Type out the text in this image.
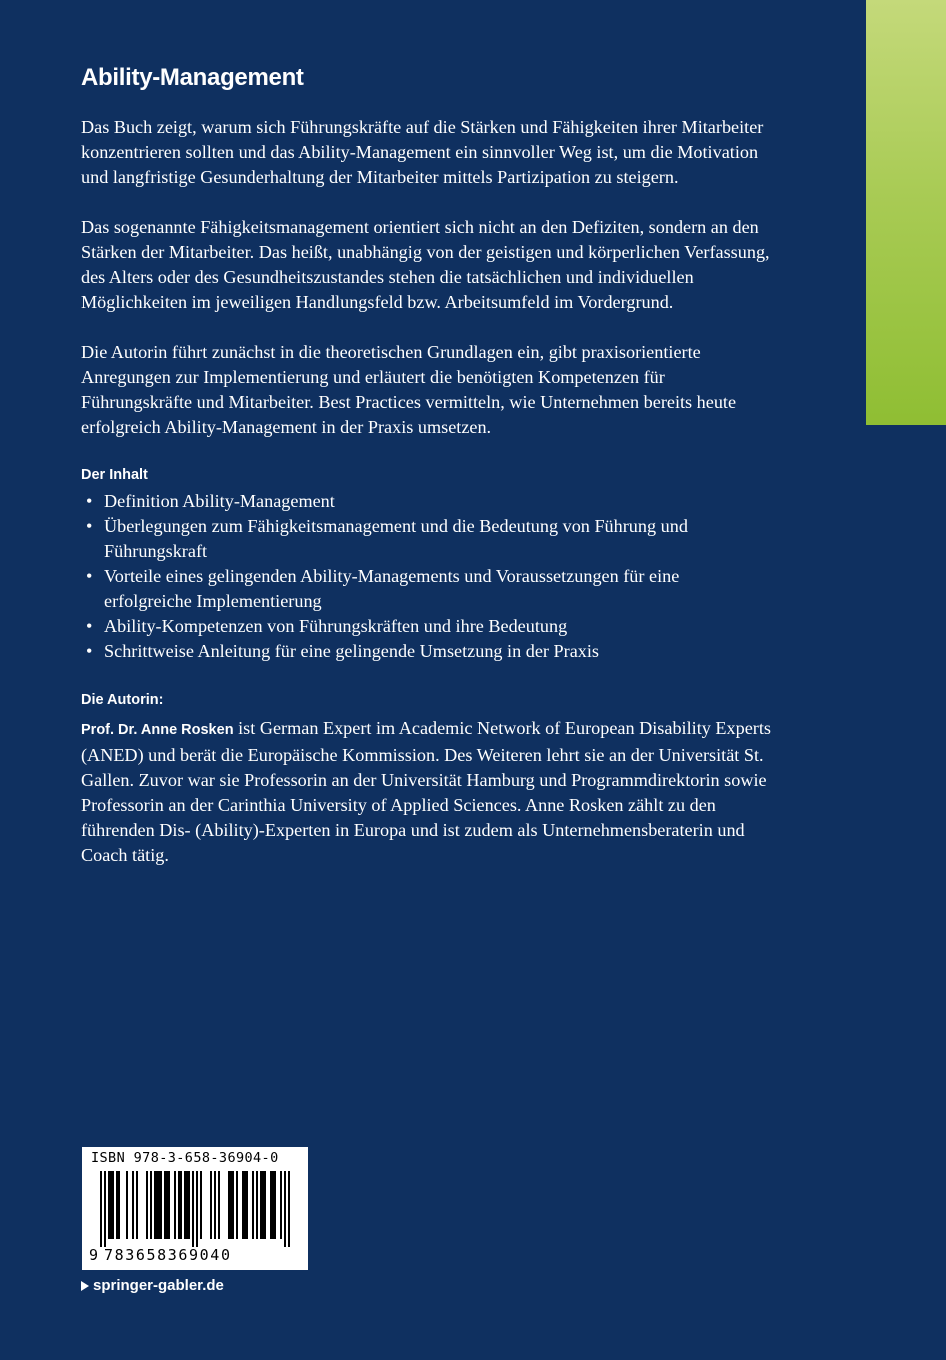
Ability-Management

Das Buch zeigt, warum sich Führungskräfte auf die Stärken und Fähigkeiten ihrer Mitarbeiter konzentrieren sollten und das Ability-Management ein sinnvoller Weg ist, um die Motivation und langfristige Gesunderhaltung der Mitarbeiter mittels Partizipation zu steigern.

Das sogenannte Fähigkeitsmanagement orientiert sich nicht an den Defiziten, sondern an den Stärken der Mitarbeiter. Das heißt, unabhängig von der geistigen und körperlichen Verfassung, des Alters oder des Gesundheitszustandes stehen die tatsächlichen und individuellen Möglichkeiten im jeweiligen Handlungsfeld bzw. Arbeitsumfeld im Vordergrund.

Die Autorin führt zunächst in die theoretischen Grundlagen ein, gibt praxisorientierte Anregungen zur Implementierung und erläutert die benötigten Kompetenzen für Führungskräfte und Mitarbeiter. Best Practices vermitteln, wie Unternehmen bereits heute erfolgreich Ability-Management in der Praxis umsetzen.

Der Inhalt
• Definition Ability-Management
• Überlegungen zum Fähigkeitsmanagement und die Bedeutung von Führung und Führungskraft
• Vorteile eines gelingenden Ability-Managements und Voraussetzungen für eine erfolgreiche Implementierung
• Ability-Kompetenzen von Führungskräften und ihre Bedeutung
• Schrittweise Anleitung für eine gelingende Umsetzung in der Praxis
Die Autorin:

Prof. Dr. Anne Rosken ist German Expert im Academic Network of European Disability Experts (ANED) und berät die Europäische Kommission. Des Weiteren lehrt sie an der Universität St. Gallen. Zuvor war sie Professorin an der Universität Hamburg und Programmdirektorin sowie Professorin an der Carinthia University of Applied Sciences. Anne Rosken zählt zu den führenden Dis- (Ability)-Experten in Europa und ist zudem als Unternehmensberaterin und Coach tätig.

ISBN 978-3-658-36904-0
9 783658369040
springer-gabler.de
